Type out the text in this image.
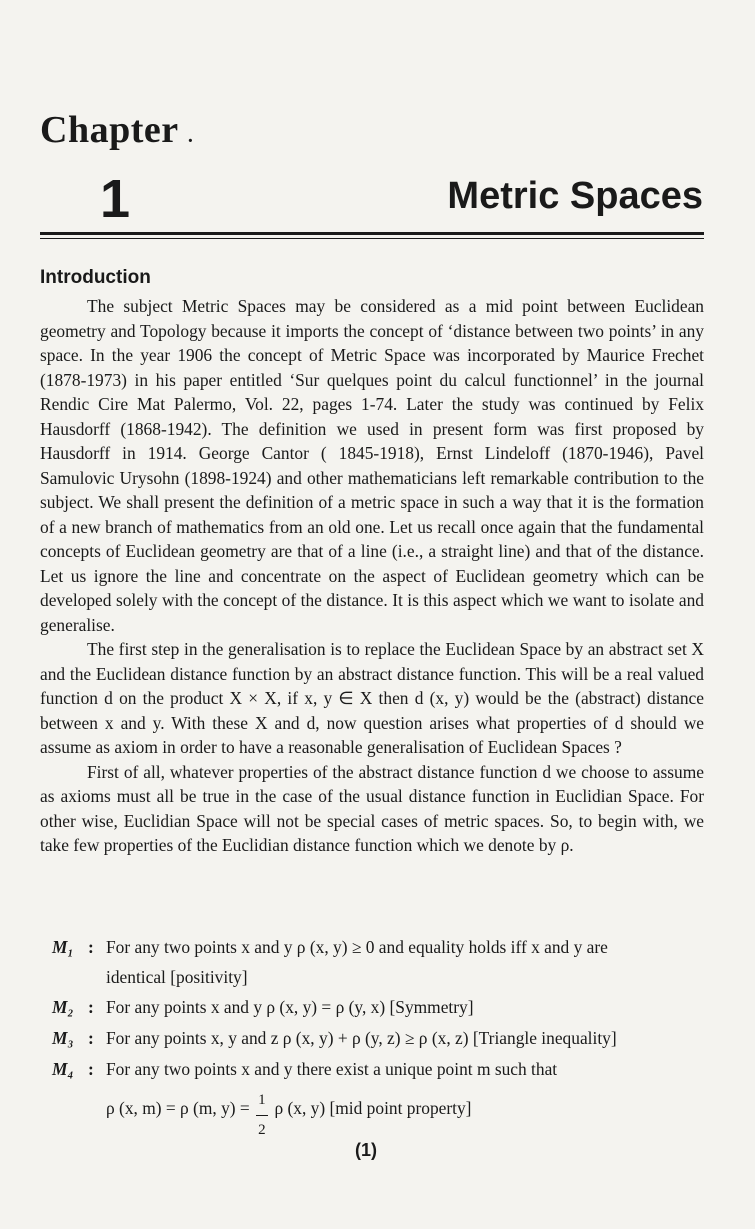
Chapter .
1	Metric Spaces
Introduction

The subject Metric Spaces may be considered as a mid point between Euclidean geometry and Topology because it imports the concept of ‘distance between two points’ in any space. In the year 1906 the concept of Metric Space was incorporated by Maurice Frechet (1878-1973) in his paper entitled ‘Sur quelques point du calcul functionnel’ in the journal Rendic Cire Mat Palermo, Vol. 22, pages 1-74. Later the study was continued by Felix Hausdorff (1868-1942). The definition we used in present form was first proposed by Hausdorff in 1914. George Cantor ( 1845-1918), Ernst Lindeloff (1870-1946), Pavel Samulovic Urysohn (1898-1924) and other mathematicians left remarkable contribution to the subject. We shall present the definition of a metric space in such a way that it is the formation of a new branch of mathematics from an old one. Let us recall once again that the fundamental concepts of Euclidean geometry are that of a line (i.e., a straight line) and that of the distance. Let us ignore the line and concentrate on the aspect of Euclidean geometry which can be developed solely with the concept of the distance. It is this aspect which we want to isolate and generalise.

The first step in the generalisation is to replace the Euclidean Space by an abstract set X and the Euclidean distance function by an abstract distance function. This will be a real valued function d on the product X × X, if x, y ∈ X then d (x, y) would be the (abstract) distance between x and y. With these X and d, now question arises what properties of d should we assume as axiom in order to have a reasonable generalisation of Euclidean Spaces ?

First of all, whatever properties of the abstract distance function d we choose to assume as axioms must all be true in the case of the usual distance function in Euclidian Space. For other wise, Euclidian Space will not be special cases of metric spaces. So, to begin with, we take few properties of the Euclidian distance function which we denote by ρ.

M₁ : For any two points x and y ρ (x, y) ≥ 0 and equality holds iff x and y are
identical [positivity]
M₂ : For any points x and y ρ (x, y) = ρ (y, x) [Symmetry]
M₃ : For any points x, y and z ρ (x, y) + ρ (y, z) ≥ ρ (x, z) [Triangle inequality]
M₄ : For any two points x and y there exist a unique point m such that
ρ (x, m) = ρ (m, y) =
$\frac{1}{2}$
ρ (x, y) [mid point property]
(1)
